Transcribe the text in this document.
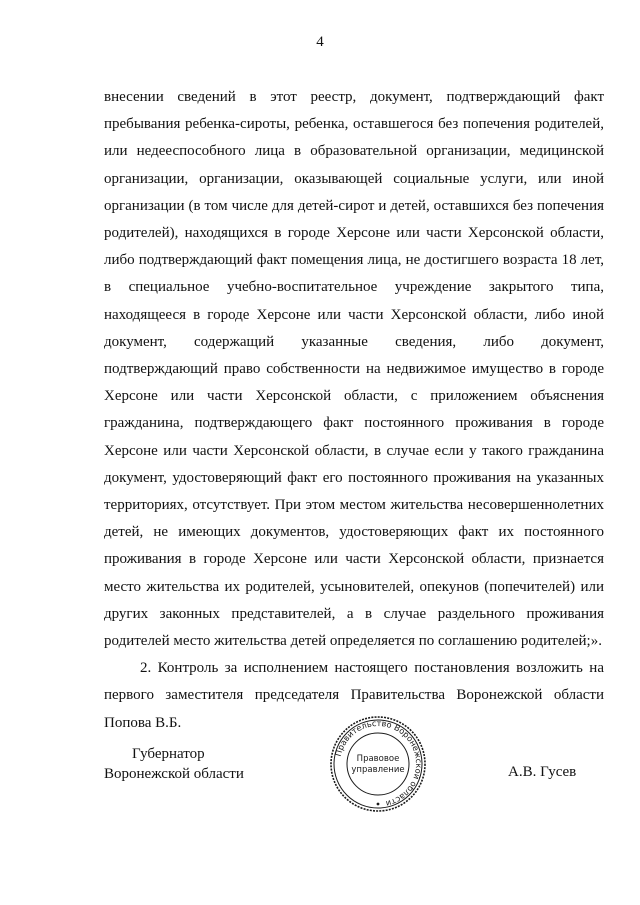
4

внесении сведений в этот реестр, документ, подтверждающий факт пребывания ребенка-сироты, ребенка, оставшегося без попечения родителей, или недееспособного лица в образовательной организации, медицинской организации, организации, оказывающей социальные услуги, или иной организации (в том числе для детей-сирот и детей, оставшихся без попечения родителей), находящихся в городе Херсоне или части Херсонской области, либо подтверждающий факт помещения лица, не достигшего возраста 18 лет, в специальное учебно-воспитательное учреждение закрытого типа, находящееся в городе Херсоне или части Херсонской области, либо иной документ, содержащий указанные сведения, либо документ, подтверждающий право собственности на недвижимое имущество в городе Херсоне или части Херсонской области, с приложением объяснения гражданина, подтверждающего факт постоянного проживания в городе Херсоне или части Херсонской области, в случае если у такого гражданина документ, удостоверяющий факт его постоянного проживания на указанных территориях, отсутствует. При этом местом жительства несовершеннолетних детей, не имеющих документов, удостоверяющих факт их постоянного проживания в городе Херсоне или части Херсонской области, признается место жительства их родителей, усыновителей, опекунов (попечителей) или других законных представителей, а в случае раздельного проживания родителей место жительства детей определяется по соглашению родителей;».

2. Контроль за исполнением настоящего постановления возложить на первого заместителя председателя Правительства Воронежской области Попова В.Б.

Губернатор
Воронежской области
Правительство Воронежской области
Правовое
управление	А.В. Гусев
